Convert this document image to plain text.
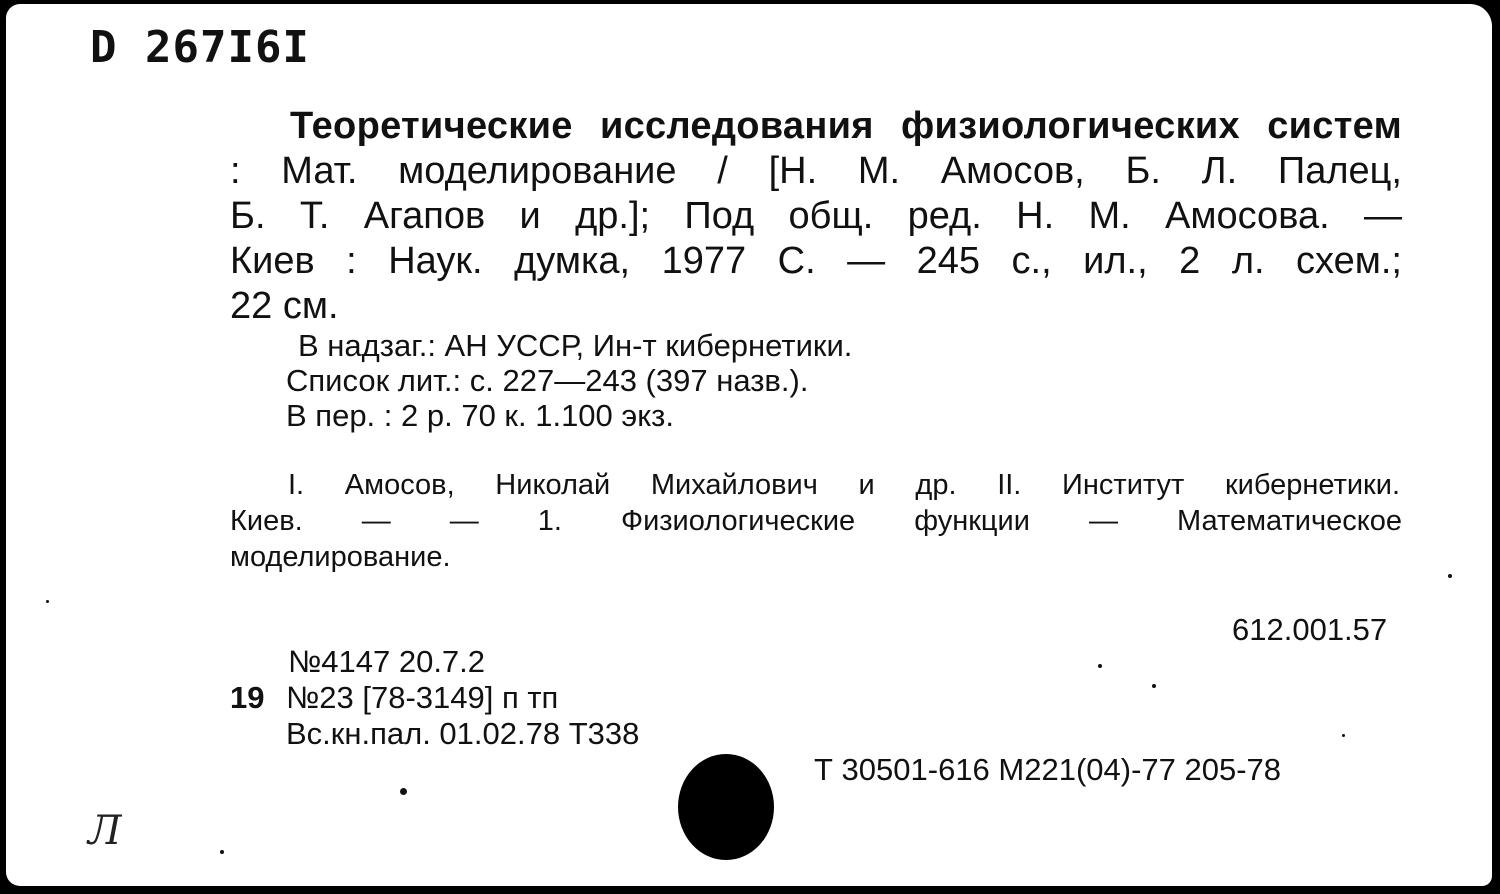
D 267I6I
Теоретические исследования физиологических систем
: Мат. моделирование / [Н. М. Амосов, Б. Л. Палец,
Б. Т. Агапов и др.]; Под общ. ред. Н. М. Амосова. —
Киев : Наук. думка, 1977 С. — 245 с., ил., 2 л. схем.;
22 см.
В надзаг.: АН УССР, Ин-т кибернетики.
Список лит.: с. 227—243 (397 назв.).
В пер. : 2 р. 70 к. 1.100 экз.
I. Амосов, Николай Михайлович и др. II. Институт кибернетики.
Киев. — — 1. Физиологические функции — Математическое
моделирование.
612.001.57
№4147 20.7.2
19 №23 [78-3149] п тп
Вс.кн.пал. 01.02.78 Т338
Т 30501-616 М221(04)-77 205-78
Л
